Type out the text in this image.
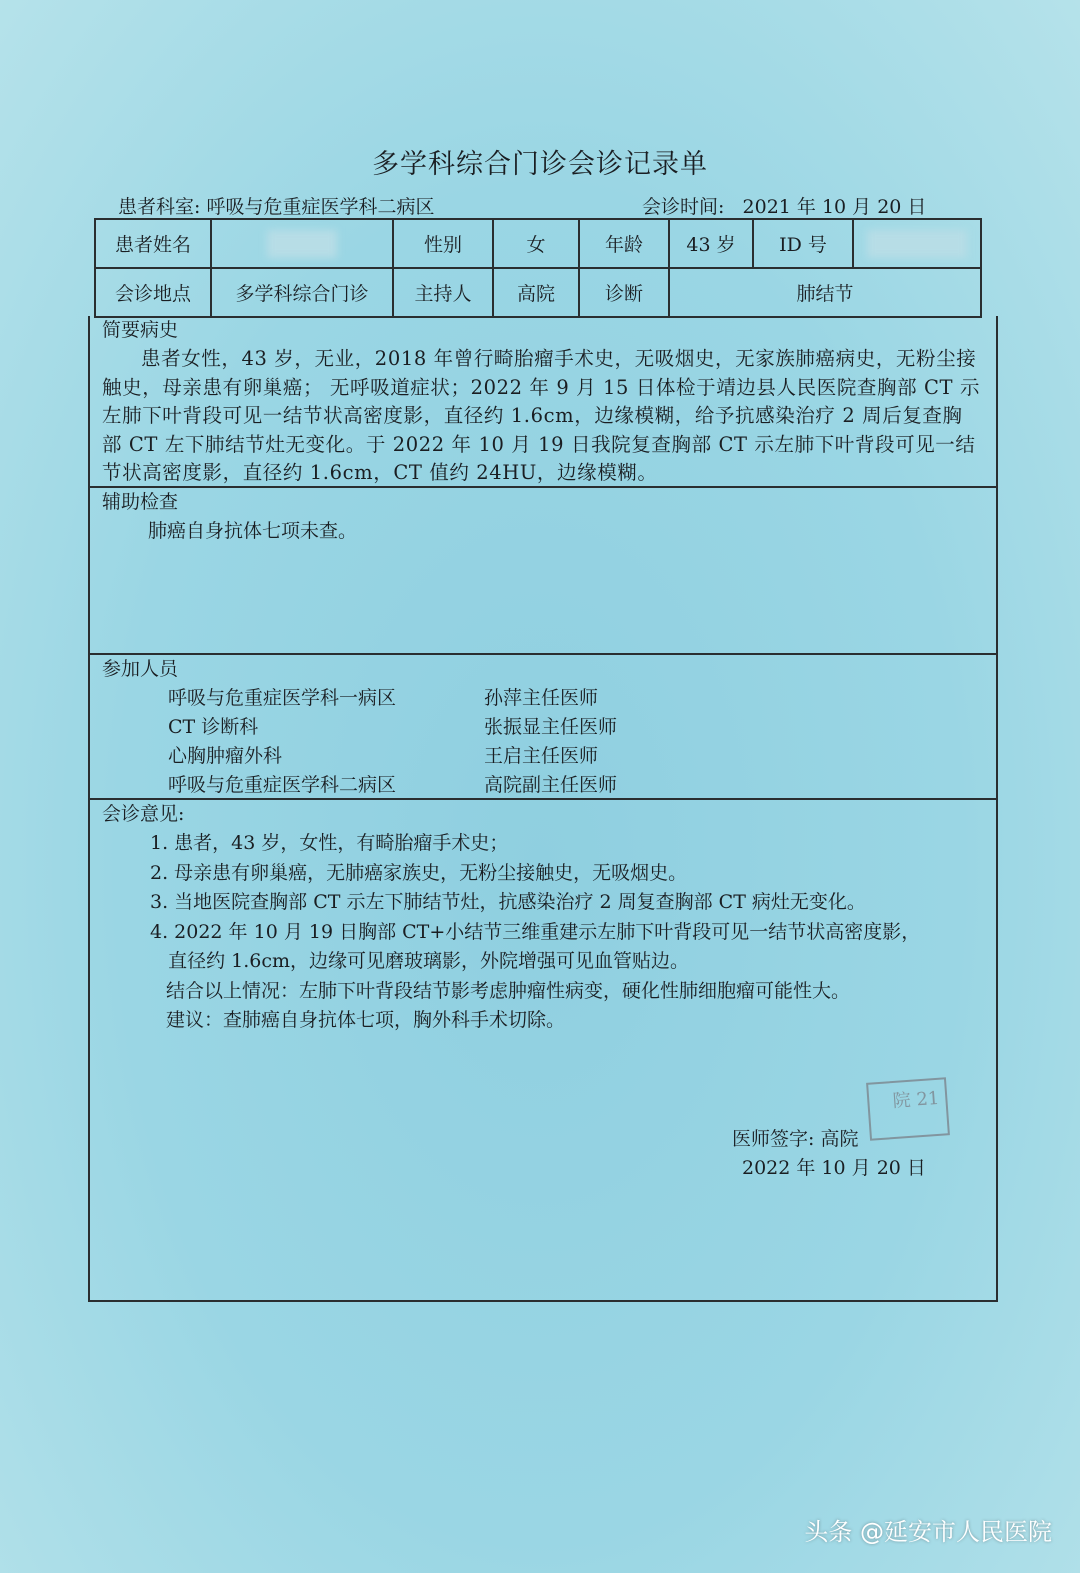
多学科综合门诊会诊记录单
患者科室: 呼吸与危重症医学科二病区	会诊时间: 2021 年 10 月 20 日
患者姓名		性别	女	年龄	43 岁	ID 号	
会诊地点	多学科综合门诊	主持人	高院	诊断	肺结节		
简要病史
患者女性，43 岁，无业，2018 年曾行畸胎瘤手术史，无吸烟史，无家族肺癌病史，无粉尘接触史，母亲患有卵巢癌； 无呼吸道症状；2022 年 9 月 15 日体检于靖边县人民医院查胸部 CT 示左肺下叶背段可见一结节状高密度影，直径约 1.6cm，边缘模糊，给予抗感染治疗 2 周后复查胸部 CT 左下肺结节灶无变化。于 2022 年 10 月 19 日我院复查胸部 CT 示左肺下叶背段可见一结节状高密度影，直径约 1.6cm，CT 值约 24HU，边缘模糊。
辅助检查
肺癌自身抗体七项未查。
参加人员
呼吸与危重症医学科一病区	孙萍主任医师
CT 诊断科	张振显主任医师
心胸肿瘤外科	王启主任医师
呼吸与危重症医学科二病区	高院副主任医师
会诊意见:
1. 患者，43 岁，女性，有畸胎瘤手术史；
2. 母亲患有卵巢癌，无肺癌家族史，无粉尘接触史，无吸烟史。
3. 当地医院查胸部 CT 示左下肺结节灶，抗感染治疗 2 周复查胸部 CT 病灶无变化。
4. 2022 年 10 月 19 日胸部 CT+小结节三维重建示左肺下叶背段可见一结节状高密度影，
直径约 1.6cm，边缘可见磨玻璃影，外院增强可见血管贴边。
结合以上情况：左肺下叶背段结节影考虑肿瘤性病变，硬化性肺细胞瘤可能性大。
建议：查肺癌自身抗体七项，胸外科手术切除。
院 21
医师签字: 高院
2022 年 10 月 20 日
头条 @延安市人民医院
